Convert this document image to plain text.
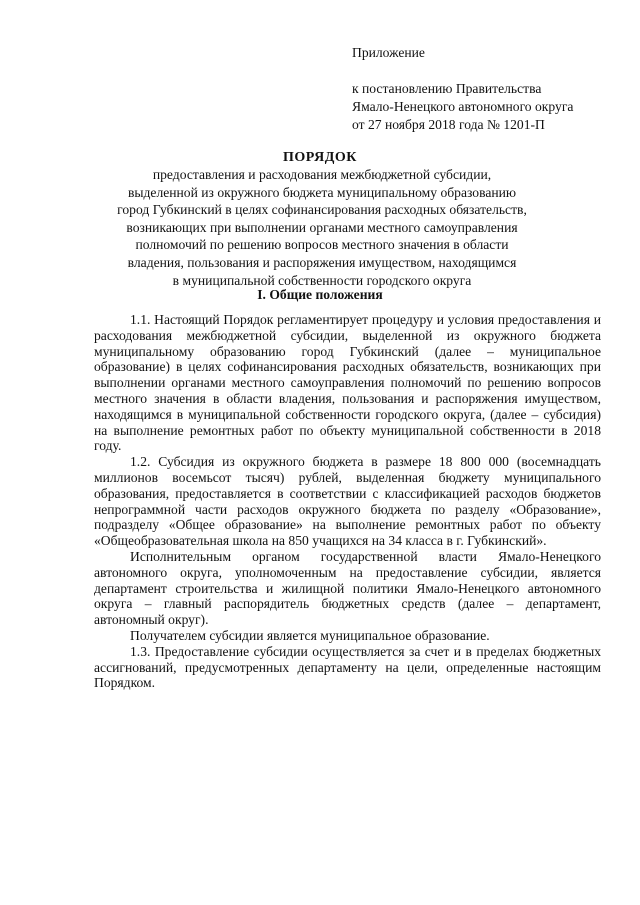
Приложение
к постановлению Правительства
Ямало-Ненецкого автономного округа
от 27 ноября 2018 года № 1201-П
ПОРЯДОК
предоставления и расходования межбюджетной субсидии,
выделенной из окружного бюджета муниципальному образованию
город Губкинский в целях софинансирования расходных обязательств,
возникающих при выполнении органами местного самоуправления
полномочий по решению вопросов местного значения в области
владения, пользования и распоряжения имуществом, находящимся
в муниципальной собственности городского округа
I. Общие положения

1.1. Настоящий Порядок регламентирует процедуру и условия предоставления и расходования межбюджетной субсидии, выделенной из окружного бюджета муниципальному образованию город Губкинский (далее – муниципальное образование) в целях софинансирования расходных обязательств, возникающих при выполнении органами местного самоуправления полномочий по решению вопросов местного значения в области владения, пользования и распоряжения имуществом, находящимся в муниципальной собственности городского округа, (далее – субсидия) на выполнение ремонтных работ по объекту муниципальной собственности в 2018 году.

1.2. Субсидия из окружного бюджета в размере 18 800 000 (восемнадцать миллионов восемьсот тысяч) рублей, выделенная бюджету муниципального образования, предоставляется в соответствии с классификацией расходов бюджетов непрограммной части расходов окружного бюджета по разделу «Образование», подразделу «Общее образование» на выполнение ремонтных работ по объекту «Общеобразовательная школа на 850 учащихся на 34 класса в г. Губкинский».

Исполнительным органом государственной власти Ямало-Ненецкого автономного округа, уполномоченным на предоставление субсидии, является департамент строительства и жилищной политики Ямало-Ненецкого автономного округа – главный распорядитель бюджетных средств (далее – департамент, автономный округ).

Получателем субсидии является муниципальное образование.

1.3. Предоставление субсидии осуществляется за счет и в пределах бюджетных ассигнований, предусмотренных департаменту на цели, определенные настоящим Порядком.
